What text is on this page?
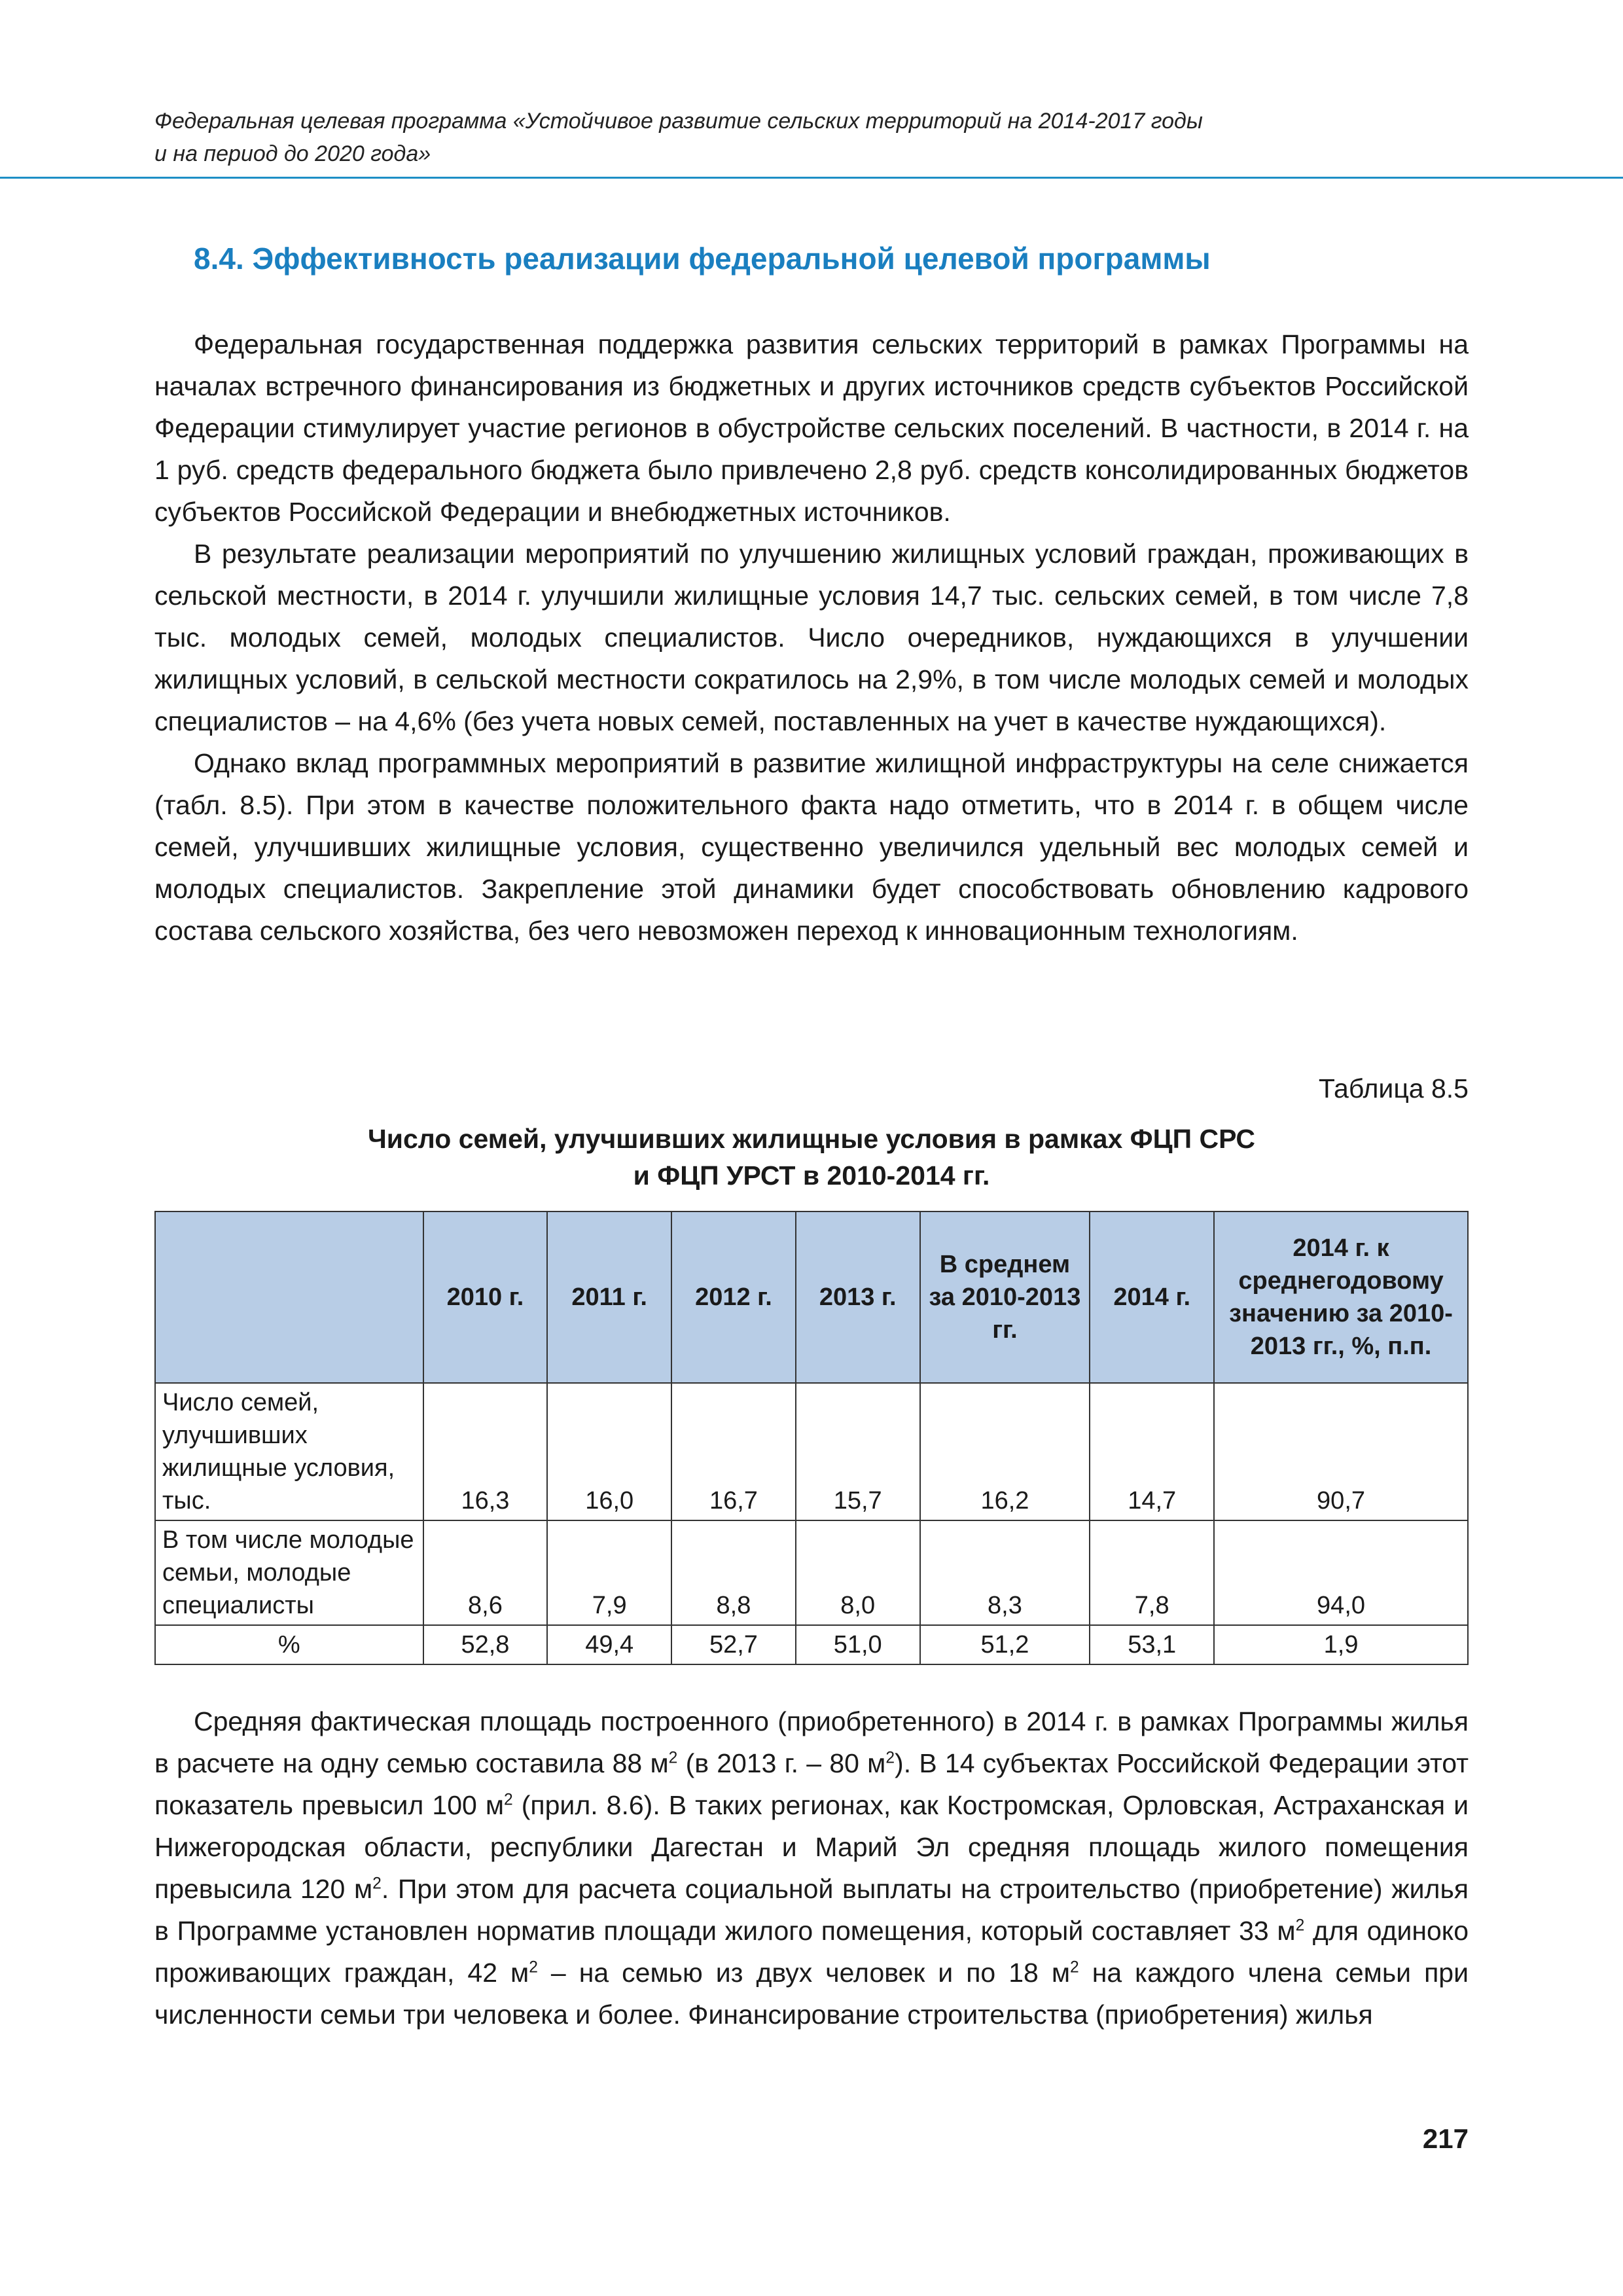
Федеральная целевая программа «Устойчивое развитие сельских территорий на 2014-2017 годы
и на период до 2020 года»
8.4. Эффективность реализации федеральной целевой программы

Федеральная государственная поддержка развития сельских территорий в рамках Программы на началах встречного финансирования из бюджетных и других источников средств субъектов Российской Федерации стимулирует участие регионов в обустройстве сельских поселений. В частности, в 2014 г. на 1 руб. средств федерального бюджета было привлечено 2,8 руб. средств консолидированных бюджетов субъектов Российской Федерации и внебюджетных источников.

В результате реализации мероприятий по улучшению жилищных условий граждан, проживающих в сельской местности, в 2014 г. улучшили жилищные условия 14,7 тыс. сельских семей, в том числе 7,8 тыс. молодых семей, молодых специалистов. Число очередников, нуждающихся в улучшении жилищных условий, в сельской местности сократилось на 2,9%, в том числе молодых семей и молодых специалистов – на 4,6% (без учета новых семей, поставленных на учет в качестве нуждающихся).

Однако вклад программных мероприятий в развитие жилищной инфраструктуры на селе снижается (табл. 8.5). При этом в качестве положительного факта надо отметить, что в 2014 г. в общем числе семей, улучшивших жилищные условия, существенно увеличился удельный вес молодых семей и молодых специалистов. Закрепление этой динамики будет способствовать обновлению кадрового состава сельского хозяйства, без чего невозможен переход к инновационным технологиям.

Таблица 8.5
Число семей, улучшивших жилищные условия в рамках ФЦП СРС
и ФЦП УРСТ в 2010-2014 гг.
	2010 г.	2011 г.	2012 г.	2013 г.	В среднем за 2010-2013 гг.	2014 г.	2014 г. к среднегодовому значению за 2010-2013 гг., %, п.п.
Число семей, улучшивших жилищные условия, тыс.	16,3	16,0	16,7	15,7	16,2	14,7	90,7
В том числе молодые семьи, молодые специалисты	8,6	7,9	8,8	8,0	8,3	7,8	94,0
%	52,8	49,4	52,7	51,0	51,2	53,1	1,9

Средняя фактическая площадь построенного (приобретенного) в 2014 г. в рамках Программы жилья в расчете на одну семью составила 88 $м^2$ (в 2013 г. – 80 $м^2$). В 14 субъектах Российской Федерации этот показатель превысил 100 $м^2$ (прил. 8.6). В таких регионах, как Костромская, Орловская, Астраханская и Нижегородская области, республики Дагестан и Марий Эл средняя площадь жилого помещения превысила 120 $м^2$. При этом для расчета социальной выплаты на строительство (приобретение) жилья в Программе установлен норматив площади жилого помещения, который составляет 33 $м^2$ для одиноко проживающих граждан, 42 $м^2$ – на семью из двух человек и по 18 $м^2$ на каждого члена семьи при численности семьи три человека и более. Финансирование строительства (приобретения) жилья

217
